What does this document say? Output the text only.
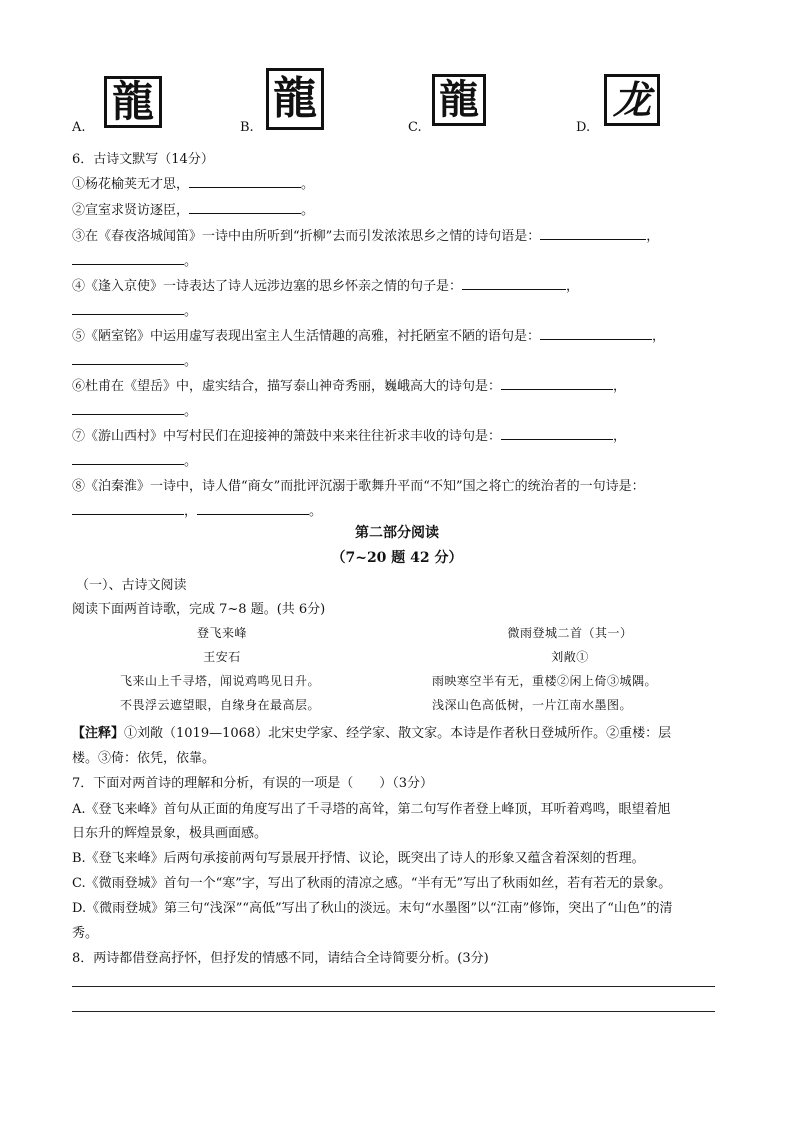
A.
龍
B.
龍
C.
龍
D.
龙
6．古诗文默写（14分）
①杨花榆荚无才思，	。
②宣室求贤访逐臣，	。
③在《春夜洛城闻笛》一诗中由所听到“折柳”去而引发浓浓思乡之情的诗句语是：	，
。
④《逢入京使》一诗表达了诗人远涉边塞的思乡怀亲之情的句子是：	，
。
⑤《陋室铭》中运用虚写表现出室主人生活情趣的高雅，衬托陋室不陋的语句是：	，
。
⑥杜甫在《望岳》中，虚实结合，描写泰山神奇秀丽，巍峨高大的诗句是：	，
。
⑦《游山西村》中写村民们在迎接神的箫鼓中来来往往祈求丰收的诗句是：	，
。
⑧《泊秦淮》一诗中，诗人借“商女”而批评沉溺于歌舞升平而“不知”国之将亡的统治者的一句诗是：
，	。
第二部分阅读
（7~20 题 42 分）
（一）、古诗文阅读
阅读下面两首诗歌，完成 7~8 题。(共 6分)
登飞来峰
王安石
飞来山上千寻塔，闻说鸡鸣见日升。
不畏浮云遮望眼，自缘身在最高层。
微雨登城二首（其一）
刘敞①
雨映寒空半有无，重楼②闲上倚③城隅。
浅深山色高低树，一片江南水墨图。
【注释】①刘敞（1019—1068）北宋史学家、经学家、散文家。本诗是作者秋日登城所作。②重楼：层
楼。③倚：依凭，依靠。
7．下面对两首诗的理解和分析，有误的一项是（　　）（3分）
A.《登飞来峰》首句从正面的角度写出了千寻塔的高耸，第二句写作者登上峰顶，耳听着鸡鸣，眼望着旭
日东升的辉煌景象，极具画面感。
B.《登飞来峰》后两句承接前两句写景展开抒情、议论，既突出了诗人的形象又蕴含着深刻的哲理。
C.《微雨登城》首句一个“寒”字，写出了秋雨的清凉之感。“半有无”写出了秋雨如丝，若有若无的景象。
D.《微雨登城》第三句“浅深”“高低”写出了秋山的淡远。末句“水墨图”以“江南”修饰，突出了“山色”的清
秀。
8．两诗都借登高抒怀，但抒发的情感不同，请结合全诗简要分析。(3分)
